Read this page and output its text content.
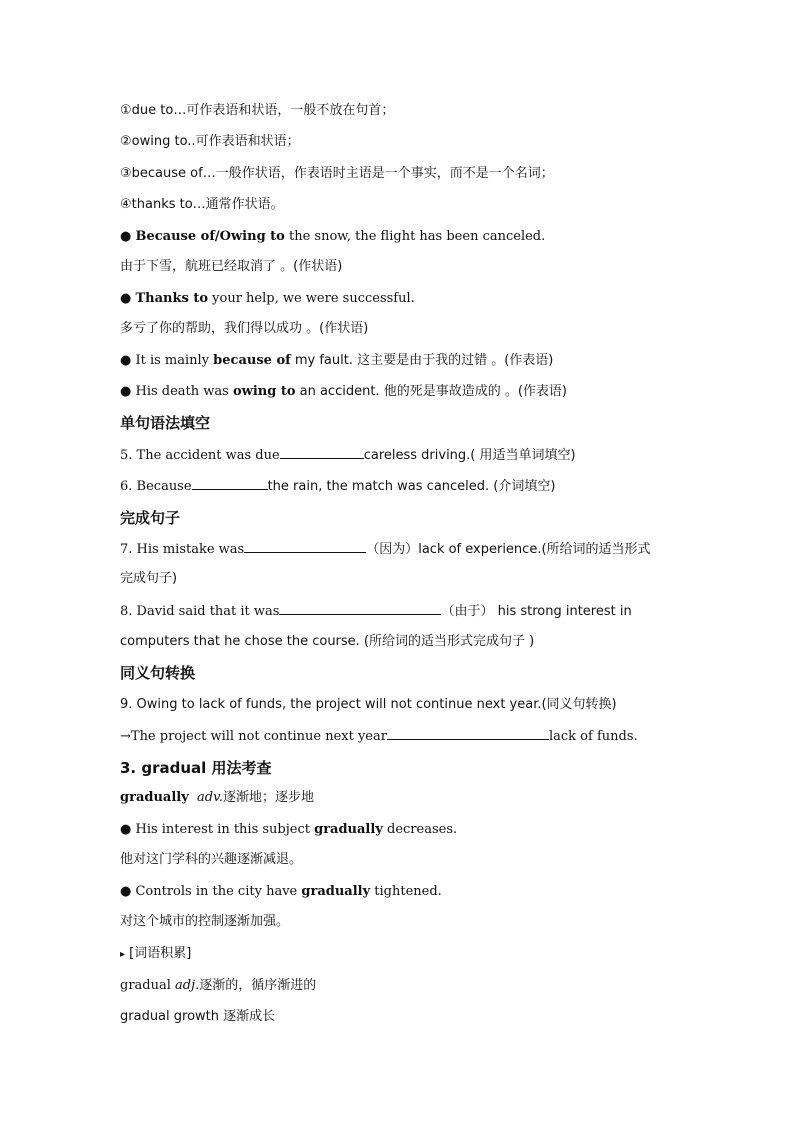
①due to…可作表语和状语，一般不放在句首；
②owing to..可作表语和状语；
③because of…一般作状语，作表语时主语是一个事实，而不是一个名词；
④thanks to…通常作状语。
● Because of/Owing to the snow, the flight has been canceled.
由于下雪，航班已经取消了 。(作状语)
● Thanks to your help, we were successful.
多亏了你的帮助，我们得以成功 。(作状语)
● It is mainly because of my fault. 这主要是由于我的过错 。(作表语)
● His death was owing to an accident. 他的死是事故造成的 。(作表语)
单句语法填空
5. The accident was due	careless driving.( 用适当单词填空)
6. Because	the rain, the match was canceled. (介词填空)
完成句子
7. His mistake was	（因为）lack of experience.(所给词的适当形式
完成句子)
8. David said that it was	（由于） his strong interest in
computers that he chose the course. (所给词的适当形式完成句子 )
同义句转换
9. Owing to lack of funds, the project will not continue next year.(同义句转换)
→The project will not continue next year	lack of funds.
3. gradual 用法考查
gradually adv.逐渐地；逐步地
● His interest in this subject gradually decreases.
他对这门学科的兴趣逐渐减退。
● Controls in the city have gradually tightened.
对这个城市的控制逐渐加强。
▸ [词语积累]
gradual adj.逐渐的，循序渐进的
gradual growth 逐渐成长
